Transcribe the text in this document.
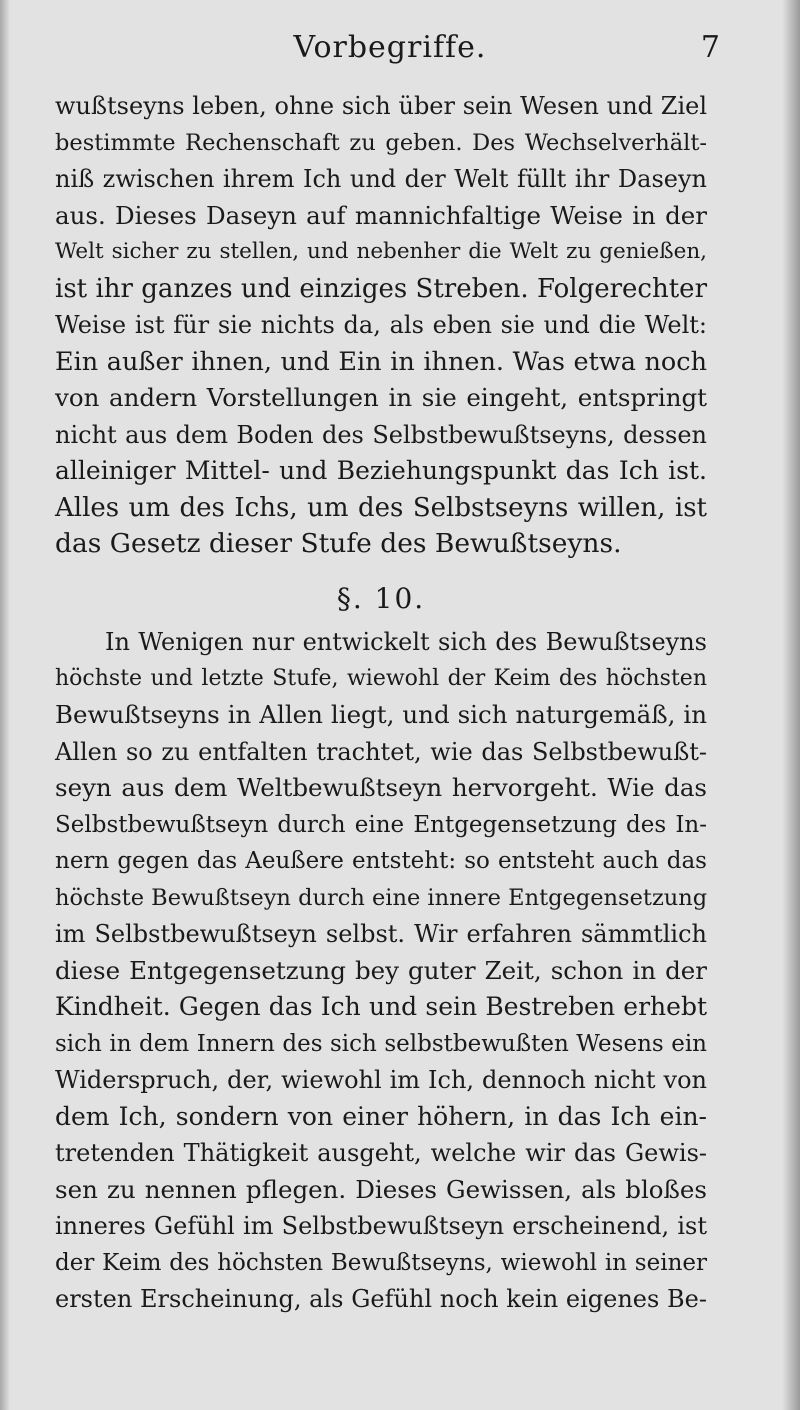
Vorbegriffe.	7
wußtseyns leben, ohne sich über sein Wesen und Ziel
bestimmte Rechenschaft zu geben. Des Wechselverhält-
niß zwischen ihrem Ich und der Welt füllt ihr Daseyn
aus. Dieses Daseyn auf mannichfaltige Weise in der
Welt sicher zu stellen, und nebenher die Welt zu genießen,
ist ihr ganzes und einziges Streben. Folgerechter
Weise ist für sie nichts da, als eben sie und die Welt:
Ein außer ihnen, und Ein in ihnen. Was etwa noch
von andern Vorstellungen in sie eingeht, entspringt
nicht aus dem Boden des Selbstbewußtseyns, dessen
alleiniger Mittel- und Beziehungspunkt das Ich ist.
Alles um des Ichs, um des Selbstseyns willen, ist
das Gesetz dieser Stufe des Bewußtseyns.
§. 10.
In Wenigen nur entwickelt sich des Bewußtseyns
höchste und letzte Stufe, wiewohl der Keim des höchsten
Bewußtseyns in Allen liegt, und sich naturgemäß, in
Allen so zu entfalten trachtet, wie das Selbstbewußt-
seyn aus dem Weltbewußtseyn hervorgeht. Wie das
Selbstbewußtseyn durch eine Entgegensetzung des In-
nern gegen das Aeußere entsteht: so entsteht auch das
höchste Bewußtseyn durch eine innere Entgegensetzung
im Selbstbewußtseyn selbst. Wir erfahren sämmtlich
diese Entgegensetzung bey guter Zeit, schon in der
Kindheit. Gegen das Ich und sein Bestreben erhebt
sich in dem Innern des sich selbstbewußten Wesens ein
Widerspruch, der, wiewohl im Ich, dennoch nicht von
dem Ich, sondern von einer höhern, in das Ich ein-
tretenden Thätigkeit ausgeht, welche wir das Gewis-
sen zu nennen pflegen. Dieses Gewissen, als bloßes
inneres Gefühl im Selbstbewußtseyn erscheinend, ist
der Keim des höchsten Bewußtseyns, wiewohl in seiner
ersten Erscheinung, als Gefühl noch kein eigenes Be-
